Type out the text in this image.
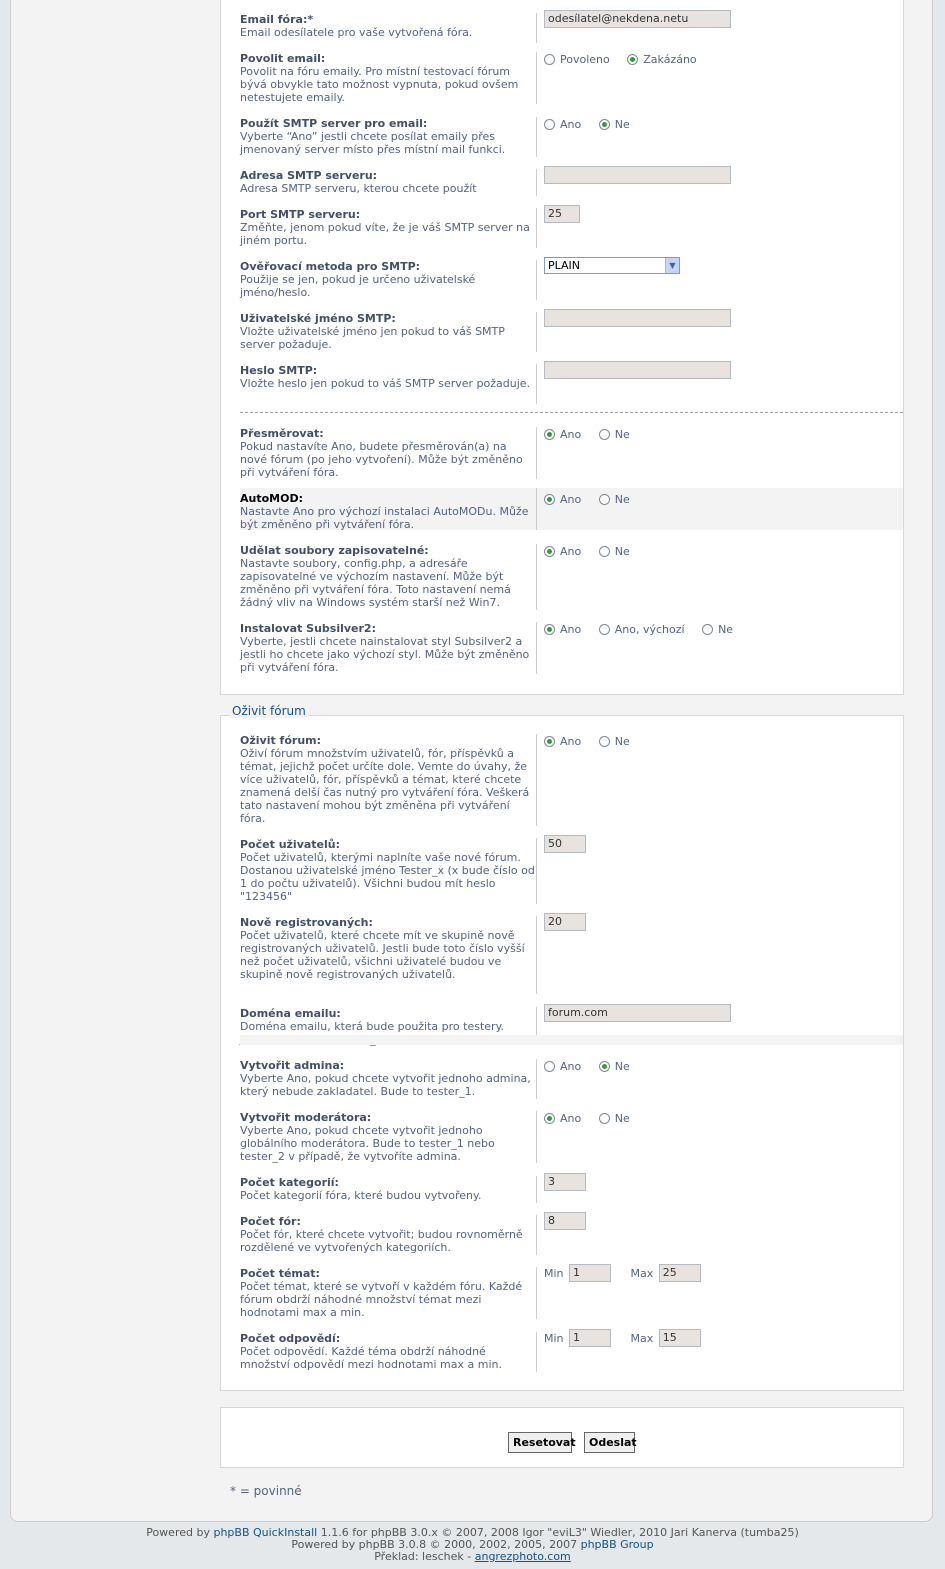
Email fóra:*
Email odesílatele pro vaše vytvořená fóra.
odesílatel@nekdena.netu
Povolit email:
Povolit na fóru emaily. Pro místní testovací fórum bývá obvykle tato možnost vypnuta, pokud ovšem netestujete emaily.
Povoleno	Zakázáno
Použít SMTP server pro email:
Vyberte “Ano” jestli chcete posílat emaily přes jmenovaný server místo přes místní mail funkci.
Ano	Ne
Adresa SMTP serveru:
Adresa SMTP serveru, kterou chcete použít
Port SMTP serveru:
Změňte, jenom pokud víte, že je váš SMTP server na jiném portu.
25
Ověřovací metoda pro SMTP:
Použije se jen, pokud je určeno uživatelské jméno/heslo.
PLAIN	▼
Uživatelské jméno SMTP:
Vložte uživatelské jméno jen pokud to váš SMTP server požaduje.
Heslo SMTP:
Vložte heslo jen pokud to váš SMTP server požaduje.
Přesměrovat:
Pokud nastavíte Ano, budete přesměrován(a) na nové fórum (po jeho vytvoření). Může být změněno při vytváření fóra.
Ano	Ne
AutoMOD:
Nastavte Ano pro výchozí instalaci AutoMODu. Může být změněno při vytváření fóra.
Ano	Ne
Udělat soubory zapisovatelné:
Nastavte soubory, config.php, a adresáře zapisovatelné ve výchozím nastavení. Může být změněno při vytváření fóra. Toto nastavení nemá žádný vliv na Windows systém starší než Win7.
Ano	Ne
Instalovat Subsilver2:
Vyberte, jestli chcete nainstalovat styl Subsilver2 a jestli ho chcete jako výchozí styl. Může být změněno při vytváření fóra.
Ano	Ano, výchozí	Ne
Oživit fórum
Oživit fórum:
Oživí fórum množstvím uživatelů, fór, příspěvků a témat, jejichž počet určíte dole. Vemte do úvahy, že více uživatelů, fór, příspěvků a témat, které chcete znamená delší čas nutný pro vytváření fóra. Veškerá tato nastavení mohou být změněna při vytváření fóra.
Ano	Ne
Počet uživatelů:
Počet uživatelů, kterými naplníte vaše nové fórum. Dostanou uživatelské jméno Tester_x (x bude číslo od 1 do počtu uživatelů). Všichni budou mít heslo "123456"
50
Nově registrovaných:
Počet uživatelů, které chcete mít ve skupině nově registrovaných uživatelů. Jestli bude toto číslo vyšší než počet uživatelů, všichni uživatelé budou ve skupině nově registrovaných uživatelů.
20
Doména emailu:
Doména emailu, která bude použita pro testery.
forum.com
Vytvořit admina:
Vyberte Ano, pokud chcete vytvořit jednoho admina, který nebude zakladatel. Bude to tester_1.
Ano	Ne
Vytvořit moderátora:
Vyberte Ano, pokud chcete vytvořit jednoho globálního moderátora. Bude to tester_1 nebo tester_2 v případě, že vytvoříte admina.
Ano	Ne
Počet kategorií:
Počet kategorií fóra, které budou vytvořeny.
3
Počet fór:
Počet fór, které chcete vytvořit; budou rovnoměrně rozdělené ve vytvořených kategoriích.
8
Počet témat:
Počet témat, které se vytvoří v každém fóru. Každé fórum obdrží náhodné množství témat mezi hodnotami max a min.
Min 1	Max 25
Počet odpovědí:
Počet odpovědí. Každé téma obdrží náhodné množství odpovědí mezi hodnotami max a min.
Min 1	Max 15
Resetovat	Odeslat
* = povinné
Powered by phpBB QuickInstall 1.1.6 for phpBB 3.0.x © 2007, 2008 Igor "eviL3" Wiedler, 2010 Jari Kanerva (tumba25)
Powered by phpBB 3.0.8 © 2000, 2002, 2005, 2007 phpBB Group
Překlad: leschek - angrezphoto.com
